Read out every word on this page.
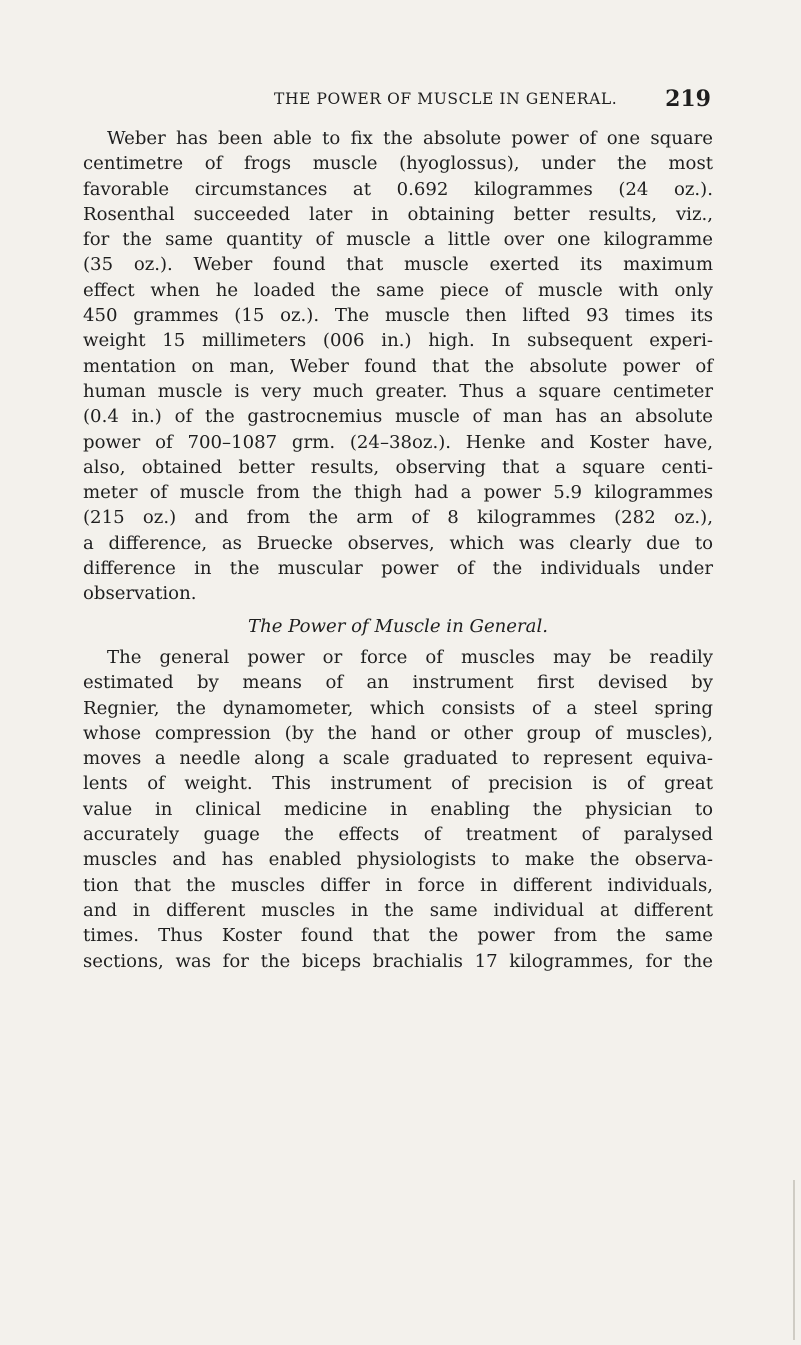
THE POWER OF MUSCLE IN GENERAL. 219

Weber has been able to fix the absolute power of one square
centimetre of frogs muscle (hyoglossus), under the most
favorable circumstances at 0.692 kilogrammes (24 oz.).
Rosenthal succeeded later in obtaining better results, viz.,
for the same quantity of muscle a little over one kilogramme
(35 oz.). Weber found that muscle exerted its maximum
effect when he loaded the same piece of muscle with only
450 grammes (15 oz.). The muscle then lifted 93 times its
weight 15 millimeters (006 in.) high. In subsequent experi-
mentation on man, Weber found that the absolute power of
human muscle is very much greater. Thus a square centimeter
(0.4 in.) of the gastrocnemius muscle of man has an absolute
power of 700–1087 grm. (24–38oz.). Henke and Koster have,
also, obtained better results, observing that a square centi-
meter of muscle from the thigh had a power 5.9 kilogrammes
(215 oz.) and from the arm of 8 kilogrammes (282 oz.),
a difference, as Bruecke observes, which was clearly due to
difference in the muscular power of the individuals under
observation.

The Power of Muscle in General.

The general power or force of muscles may be readily
estimated by means of an instrument first devised by
Regnier, the dynamometer, which consists of a steel spring
whose compression (by the hand or other group of muscles),
moves a needle along a scale graduated to represent equiva-
lents of weight. This instrument of precision is of great
value in clinical medicine in enabling the physician to
accurately guage the effects of treatment of paralysed
muscles and has enabled physiologists to make the observa-
tion that the muscles differ in force in different individuals,
and in different muscles in the same individual at different
times. Thus Koster found that the power from the same
sections, was for the biceps brachialis 17 kilogrammes, for the
